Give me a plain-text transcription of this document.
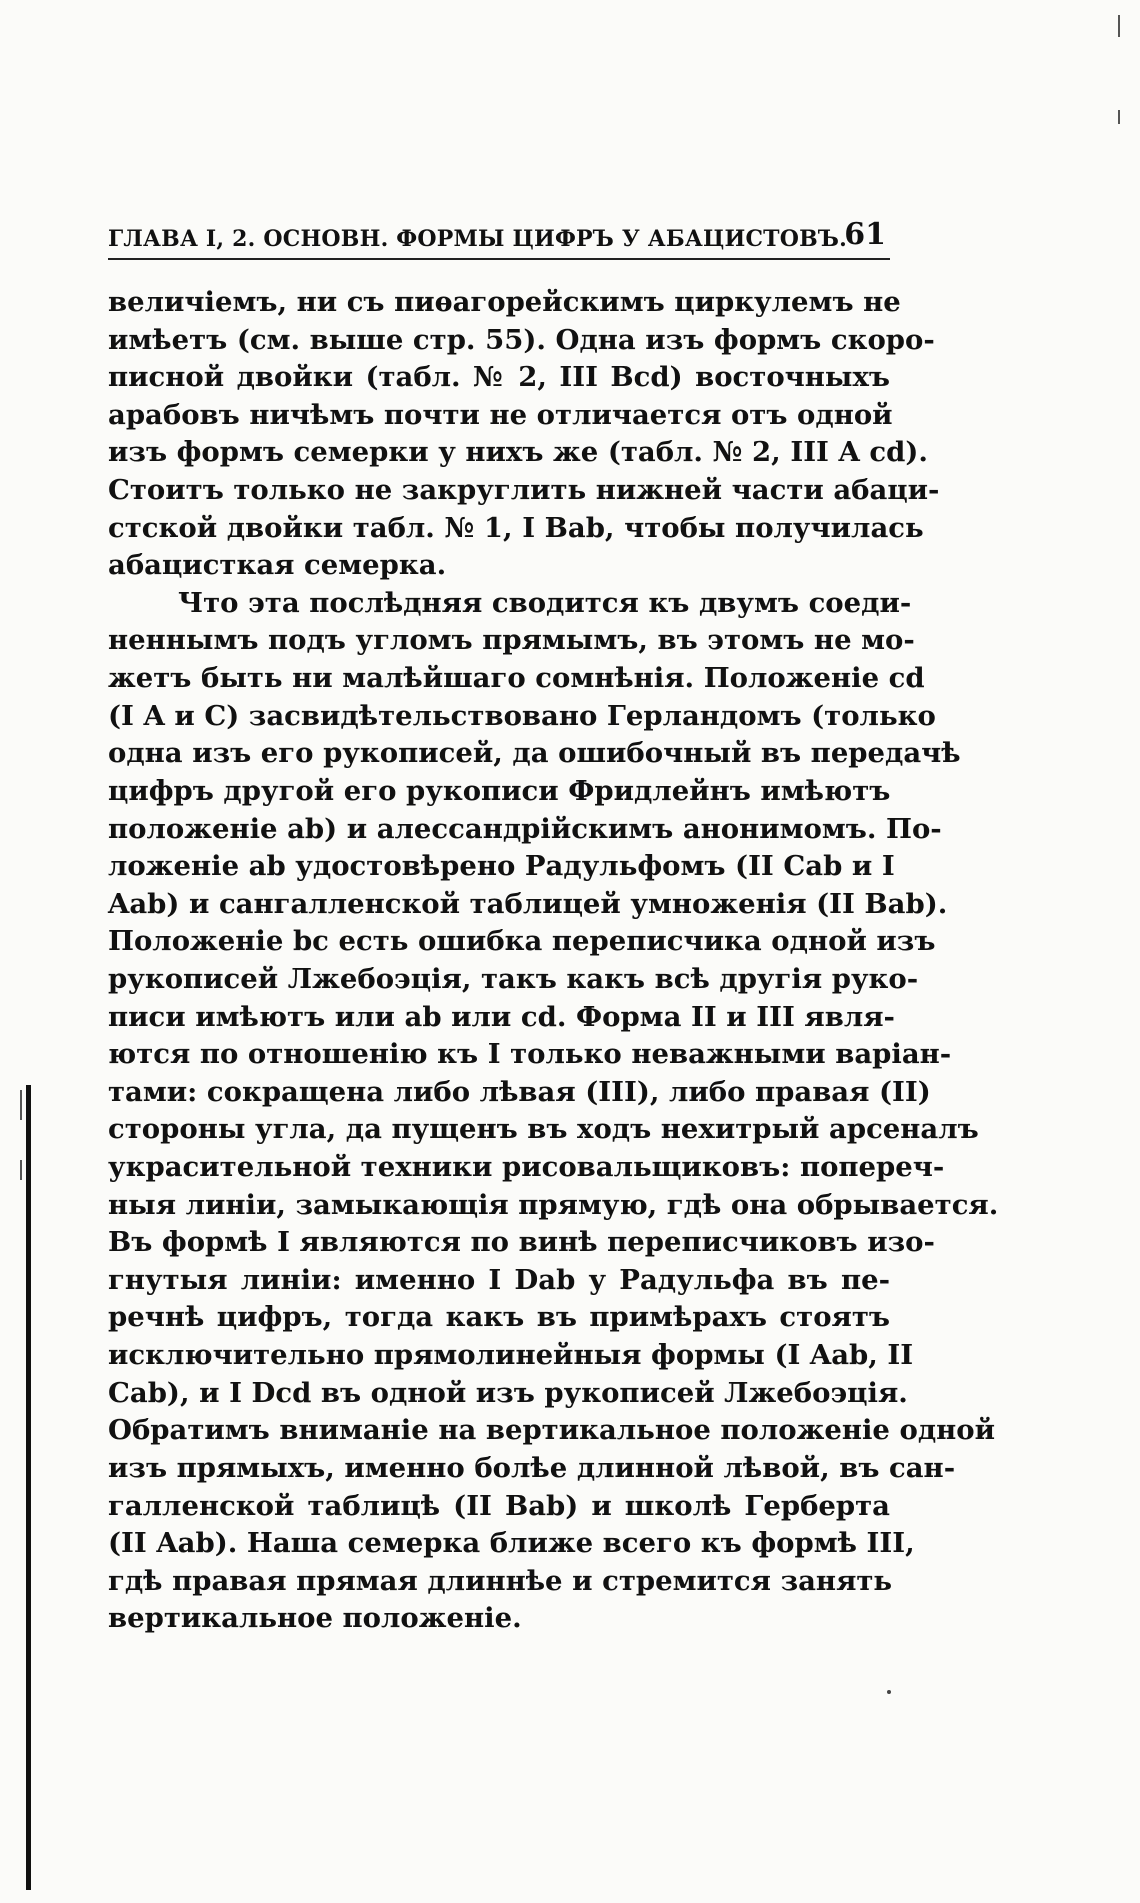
ГЛАВА I, 2. ОСНОВН. ФОРМЫ ЦИФРЪ У АБАЦИСТОВЪ.
61
величіемъ, ни съ пиѳагорейскимъ циркулемъ не
имѣетъ (см. выше стр. 55). Одна изъ формъ скоро-
писной двойки (табл. № 2, III Bcd) восточныхъ
арабовъ ничѣмъ почти не отличается отъ одной
изъ формъ семерки у нихъ же (табл. № 2, III A cd).
Стоитъ только не закруглить нижней части абаци-
стской двойки табл. № 1, I Bab, чтобы получилась
абацисткая семерка.
Что эта послѣдняя сводится къ двумъ соеди-
неннымъ подъ угломъ прямымъ, въ этомъ не мо-
жетъ быть ни малѣйшаго сомнѣнія. Положеніе cd
(I A и C) засвидѣтельствовано Герландомъ (только
одна изъ его рукописей, да ошибочный въ передачѣ
цифръ другой его рукописи Фридлейнъ имѣютъ
положеніе ab) и алессандрійскимъ анонимомъ. По-
ложеніе ab удостовѣрено Радульфомъ (II Cab и I
Aab) и сангалленской таблицей умноженія (II Bab).
Положеніе bc есть ошибка переписчика одной изъ
рукописей Лжебоэція, такъ какъ всѣ другія руко-
писи имѣютъ или ab или cd. Форма II и III явля-
ются по отношенію къ I только неважными варіан-
тами: сокращена либо лѣвая (III), либо правая (II)
стороны угла, да пущенъ въ ходъ нехитрый арсеналъ
украсительной техники рисовальщиковъ: попереч-
ныя линіи, замыкающія прямую, гдѣ она обрывается.
Въ формѣ I являются по винѣ переписчиковъ изо-
гнутыя линіи: именно I Dab у Радульфа въ пе-
речнѣ цифръ, тогда какъ въ примѣрахъ стоятъ
исключительно прямолинейныя формы (I Aab, II
Cab), и I Dcd въ одной изъ рукописей Лжебоэція.
Обратимъ вниманіе на вертикальное положеніе одной
изъ прямыхъ, именно болѣе длинной лѣвой, въ сан-
галленской таблицѣ (II Bab) и школѣ Герберта
(II Aab). Наша семерка ближе всего къ формѣ III,
гдѣ правая прямая длиннѣе и стремится занять
вертикальное положеніе.
